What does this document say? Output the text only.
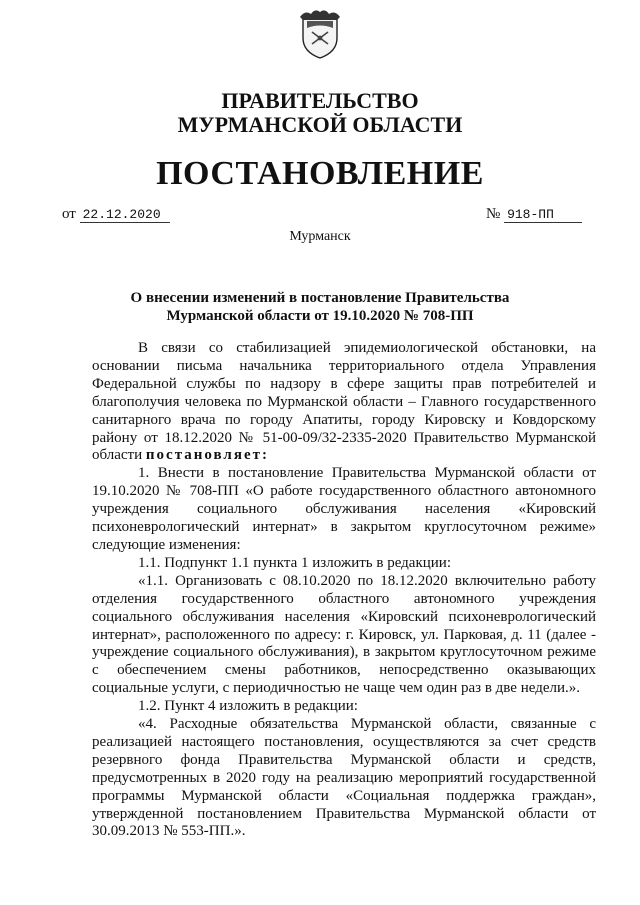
ПРАВИТЕЛЬСТВО
МУРМАНСКОЙ ОБЛАСТИ
ПОСТАНОВЛЕНИЕ
от 22.12.2020	№ 918-ПП
Мурманск
О внесении изменений в постановление Правительства
Мурманской области от 19.10.2020 № 708-ПП

В связи со стабилизацией эпидемиологической обстановки, на основании письма начальника территориального отдела Управления Федеральной службы по надзору в сфере защиты прав потребителей и благополучия человека по Мурманской области – Главного государственного санитарного врача по городу Апатиты, городу Кировску и Ковдорскому району от 18.12.2020 № 51-00-09/32-2335-2020 Правительство Мурманской области постановляет:

1. Внести в постановление Правительства Мурманской области от 19.10.2020 № 708-ПП «О работе государственного областного автономного учреждения социального обслуживания населения «Кировский психоневрологический интернат» в закрытом круглосуточном режиме» следующие изменения:

1.1. Подпункт 1.1 пункта 1 изложить в редакции:

«1.1. Организовать с 08.10.2020 по 18.12.2020 включительно работу отделения государственного областного автономного учреждения социального обслуживания населения «Кировский психоневрологический интернат», расположенного по адресу: г. Кировск, ул. Парковая, д. 11 (далее - учреждение социального обслуживания), в закрытом круглосуточном режиме с обеспечением смены работников, непосредственно оказывающих социальные услуги, с периодичностью не чаще чем один раз в две недели.».

1.2. Пункт 4 изложить в редакции:

«4. Расходные обязательства Мурманской области, связанные с реализацией настоящего постановления, осуществляются за счет средств резервного фонда Правительства Мурманской области и средств, предусмотренных в 2020 году на реализацию мероприятий государственной программы Мурманской области «Социальная поддержка граждан», утвержденной постановлением Правительства Мурманской области от 30.09.2013 № 553-ПП.».
